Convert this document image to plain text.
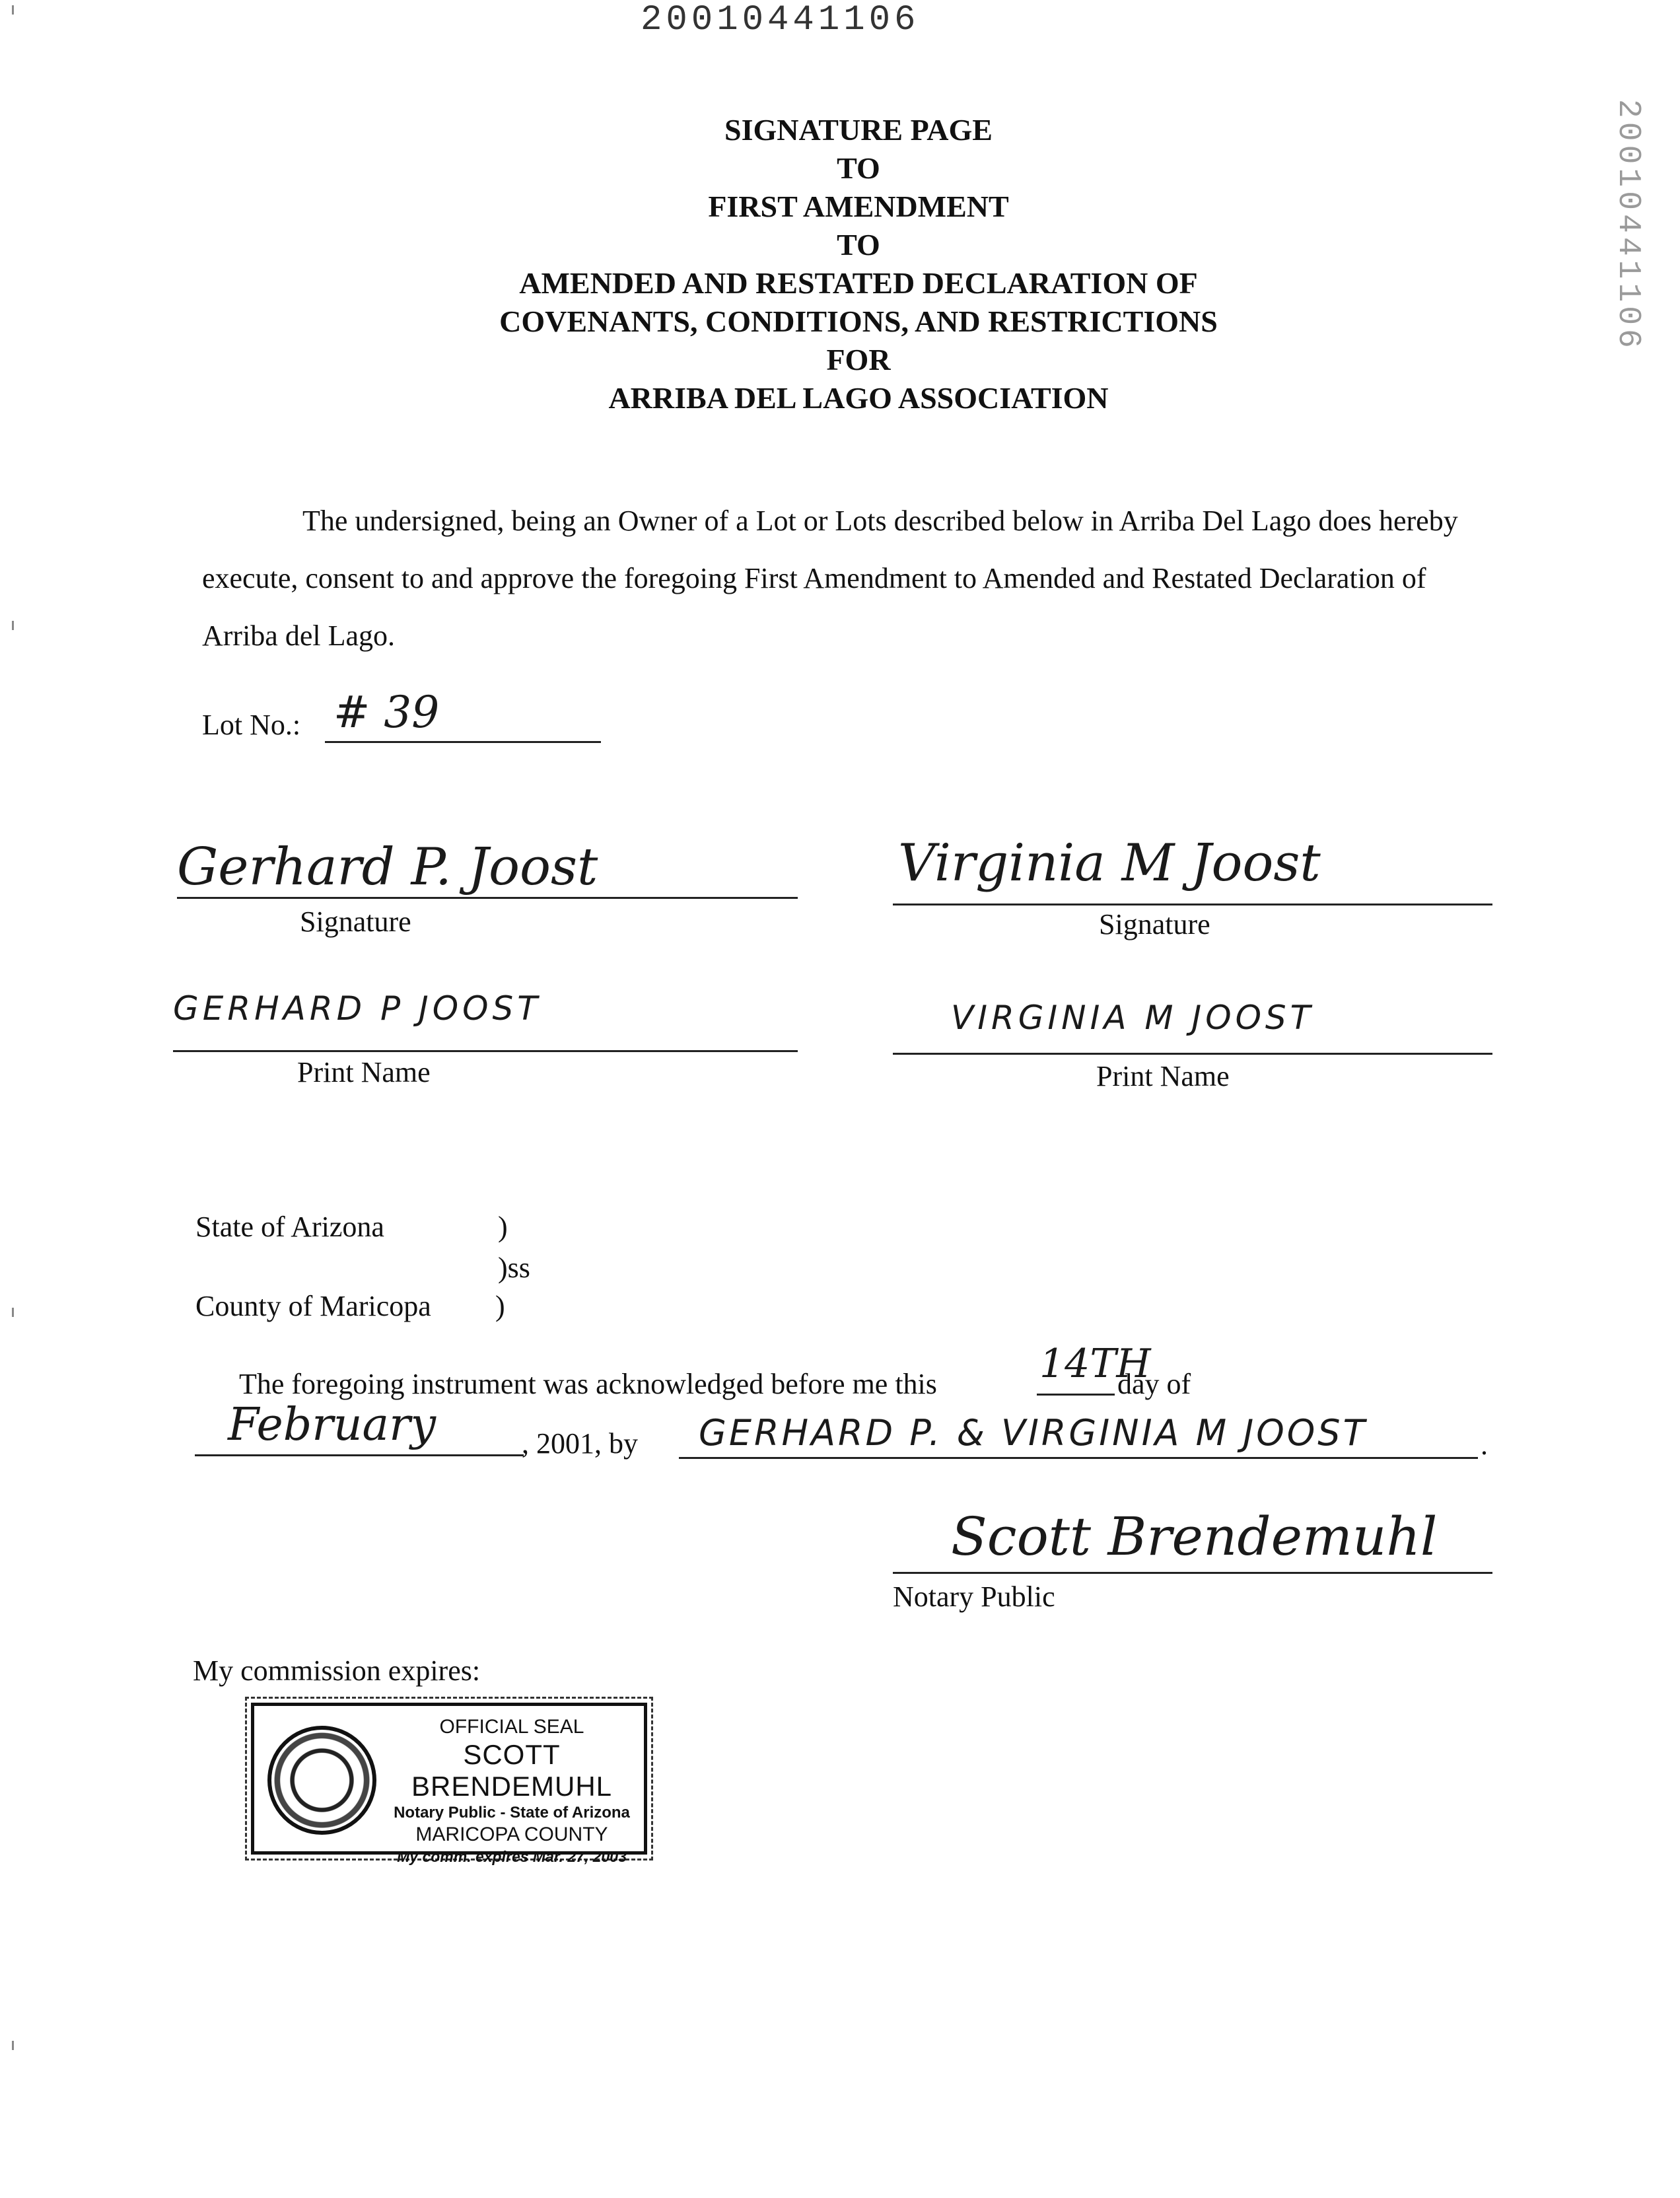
20010441106
20010441106
SIGNATURE PAGE
TO
FIRST AMENDMENT
TO
AMENDED AND RESTATED DECLARATION OF
COVENANTS, CONDITIONS, AND RESTRICTIONS
FOR
ARRIBA DEL LAGO ASSOCIATION
The undersigned, being an Owner of a Lot or Lots described below in Arriba Del Lago does hereby execute, consent to and approve the foregoing First Amendment to Amended and Restated Declaration of Arriba del Lago.
Lot No.: # 39
Gerhard P. Joost
Signature
Virginia M Joost
Signature
GERHARD P JOOST
Print Name
VIRGINIA M JOOST
Print Name
State of Arizona	)
)ss
County of Maricopa )
The foregoing instrument was acknowledged before me this	14TH
day of
February	, 2001, by GERHARD P. & VIRGINIA M JOOST	.
Scott Brendemuhl
Notary Public
My commission expires:
OFFICIAL SEAL
SCOTT BRENDEMUHL
Notary Public - State of Arizona
MARICOPA COUNTY
My comm. expires Mar. 27, 2003
